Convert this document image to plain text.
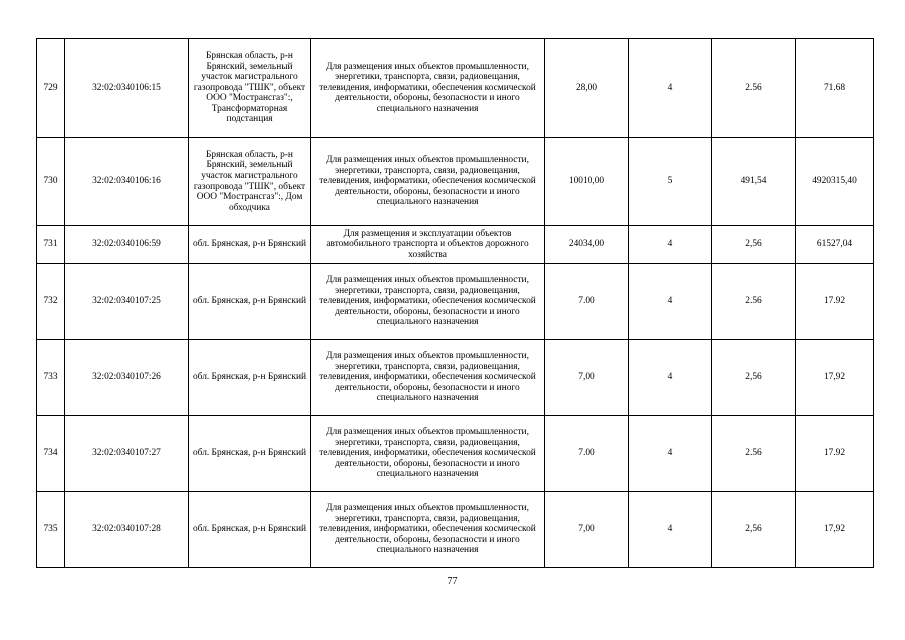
729	32:02:0340106:15	Брянская область, р-н Брянский, земельный участок магистрального газопровода "ТШК", объект ООО "Мострансгаз":, Трансформаторная подстанция	Для размещения иных объектов промышленности, энергетики, транспорта, связи, радиовещания, телевидения, информатики, обеспечения космической деятельности, обороны, безопасности и иного специального назначения	28,00	4	2.56	71.68
730	32:02:0340106:16	Брянская область, р-н Брянский, земельный участок магистрального газопровода "ТШК", объект ООО "Мострансгаз":, Дом обходчика	Для размещения иных объектов промышленности, энергетики, транспорта, связи, радиовещания, телевидения, информатики, обеспечения космической деятельности, обороны, безопасности и иного специального назначения	10010,00	5	491,54	4920315,40
731	32:02:0340106:59	обл. Брянская, р-н Брянский	Для размещения и эксплуатации объектов автомобильного транспорта и объектов дорожного хозяйства	24034,00	4	2,56	61527,04
732	32:02:0340107:25	обл. Брянская, р-н Брянский	Для размещения иных объектов промышленности, энергетики, транспорта, связи, радиовещания, телевидения, информатики, обеспечения космической деятельности, обороны, безопасности и иного специального назначения	7.00	4	2.56	17.92
733	32:02:0340107:26	обл. Брянская, р-н Брянский	Для размещения иных объектов промышленности, энергетики, транспорта, связи, радиовещания, телевидения, информатики, обеспечения космической деятельности, обороны, безопасности и иного специального назначения	7,00	4	2,56	17,92
734	32:02:0340107:27	обл. Брянская, р-н Брянский	Для размещения иных объектов промышленности, энергетики, транспорта, связи, радиовещания, телевидения, информатики, обеспечения космической деятельности, обороны, безопасности и иного специального назначения	7.00	4	2.56	17.92
735	32:02:0340107:28	обл. Брянская, р-н Брянский	Для размещения иных объектов промышленности, энергетики, транспорта, связи, радиовещания, телевидения, информатики, обеспечения космической деятельности, обороны, безопасности и иного специального назначения	7,00	4	2,56	17,92
77
